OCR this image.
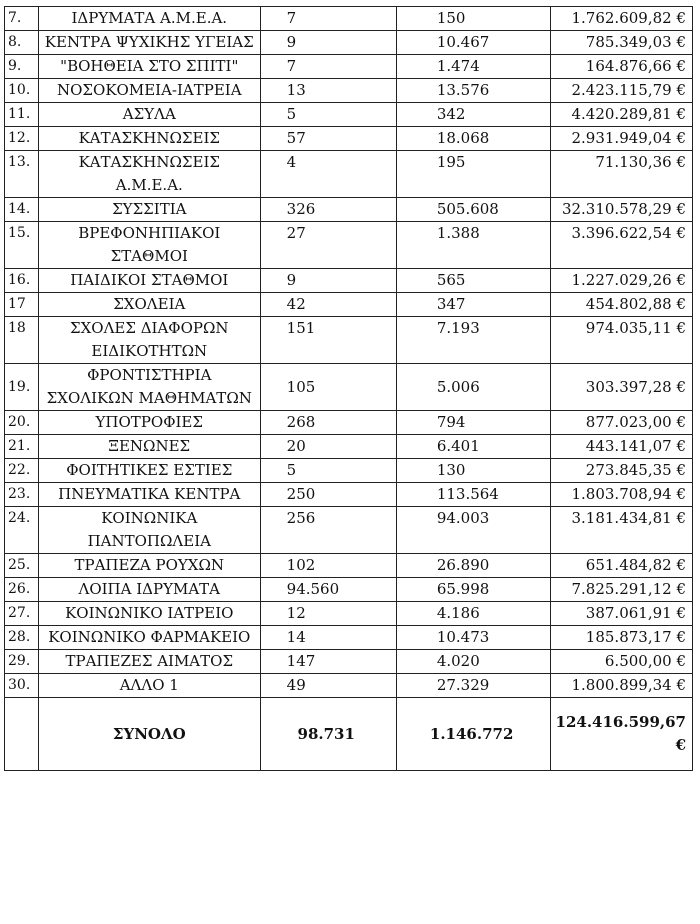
7.	ΙΔΡΥΜΑΤΑ Α.Μ.Ε.Α.	7	150	1.762.609,82 €
8.	ΚΕΝΤΡΑ ΨΥΧΙΚΗΣ ΥΓΕΙΑΣ	9	10.467	785.349,03 €
9.	"ΒΟΗΘΕΙΑ ΣΤΟ ΣΠΙΤΙ"	7	1.474	164.876,66 €
10.	ΝΟΣΟΚΟΜΕΙΑ-ΙΑΤΡΕΙΑ	13	13.576	2.423.115,79 €
11.	ΑΣΥΛΑ	5	342	4.420.289,81 €
12.	ΚΑΤΑΣΚΗΝΩΣΕΙΣ	57	18.068	2.931.949,04 €
13.	ΚΑΤΑΣΚΗΝΩΣΕΙΣ Α.Μ.Ε.Α.	4	195	71.130,36 €
14.	ΣΥΣΣΙΤΙΑ	326	505.608	32.310.578,29 €
15.	ΒΡΕΦΟΝΗΠΙΑΚΟΙ ΣΤΑΘΜΟΙ	27	1.388	3.396.622,54 €
16.	ΠΑΙΔΙΚΟΙ ΣΤΑΘΜΟΙ	9	565	1.227.029,26 €
17	ΣΧΟΛΕΙΑ	42	347	454.802,88 €
18	ΣΧΟΛΕΣ ΔΙΑΦΟΡΩΝ ΕΙΔΙΚΟΤΗΤΩΝ	151	7.193	974.035,11 €
19.	ΦΡΟΝΤΙΣΤΗΡΙΑ ΣΧΟΛΙΚΩΝ ΜΑΘΗΜΑΤΩΝ	105	5.006	303.397,28 €
20.	ΥΠΟΤΡΟΦΙΕΣ	268	794	877.023,00 €
21.	ΞΕΝΩΝΕΣ	20	6.401	443.141,07 €
22.	ΦΟΙΤΗΤΙΚΕΣ ΕΣΤΙΕΣ	5	130	273.845,35 €
23.	ΠΝΕΥΜΑΤΙΚΑ ΚΕΝΤΡΑ	250	113.564	1.803.708,94 €
24.	ΚΟΙΝΩΝΙΚΑ ΠΑΝΤΟΠΩΛΕΙΑ	256	94.003	3.181.434,81 €
25.	ΤΡΑΠΕΖΑ ΡΟΥΧΩΝ	102	26.890	651.484,82 €
26.	ΛΟΙΠΑ ΙΔΡΥΜΑΤΑ	94.560	65.998	7.825.291,12 €
27.	ΚΟΙΝΩΝΙΚΟ ΙΑΤΡΕΙΟ	12	4.186	387.061,91 €
28.	ΚΟΙΝΩΝΙΚΟ ΦΑΡΜΑΚΕΙΟ	14	10.473	185.873,17 €
29.	ΤΡΑΠΕΖΕΣ ΑΙΜΑΤΟΣ	147	4.020	6.500,00 €
30.	ΑΛΛΟ 1	49	27.329	1.800.899,34 €
	ΣΥΝΟΛΟ	98.731	1.146.772	124.416.599,67 €
